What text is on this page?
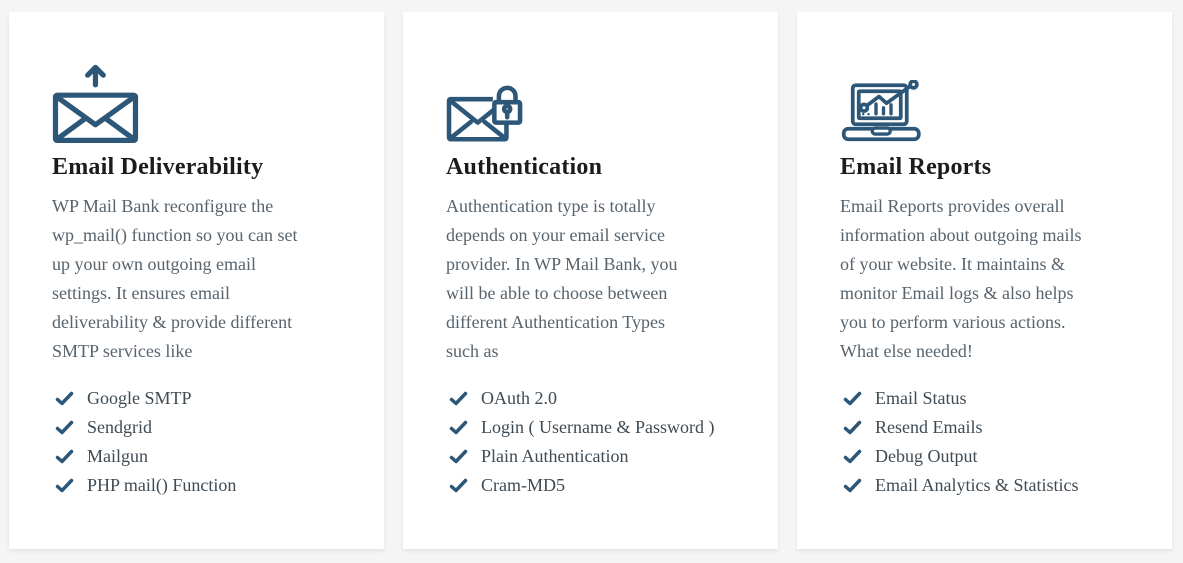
Email Deliverability

WP Mail Bank reconfigure the
wp_mail() function so you can set
up your own outgoing email
settings. It ensures email
deliverability & provide different
SMTP services like

Google SMTP
Sendgrid
Mailgun
PHP mail() Function
Authentication

Authentication type is totally
depends on your email service
provider. In WP Mail Bank, you
will be able to choose between
different Authentication Types
such as

OAuth 2.0
Login ( Username & Password )
Plain Authentication
Cram-MD5
Email Reports

Email Reports provides overall
information about outgoing mails
of your website. It maintains &
monitor Email logs & also helps
you to perform various actions.
What else needed!

Email Status
Resend Emails
Debug Output
Email Analytics & Statistics
